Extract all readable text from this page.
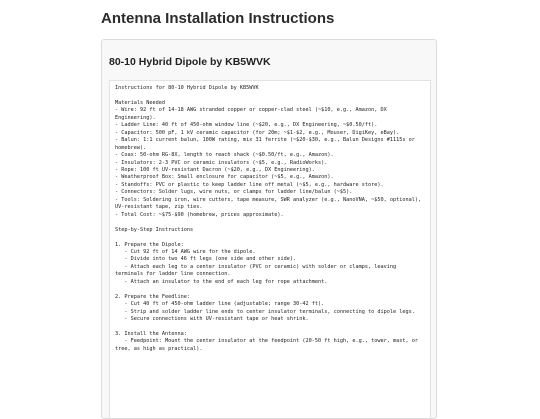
Antenna Installation Instructions
80-10 Hybrid Dipole by KB5WVK
Instructions for 80-10 Hybrid Dipole by KB5WVK

Materials Needed
- Wire: 92 ft of 14-18 AWG stranded copper or copper-clad steel (~$10, e.g., Amazon, DX Engineering).
- Ladder Line: 40 ft of 450-ohm window line (~$20, e.g., DX Engineering, ~$0.50/ft).
- Capacitor: 500 pF, 1 kV ceramic capacitor (for 20m; ~$1-$2, e.g., Mouser, DigiKey, eBay).
- Balun: 1:1 current balun, 100W rating, mix 31 ferrite (~$20-$30, e.g., Balun Designs #1115s or homebrew).
- Coax: 50-ohm RG-8X, length to reach shack (~$0.50/ft, e.g., Amazon).
- Insulators: 2-3 PVC or ceramic insulators (~$5, e.g., RadioWorks).
- Rope: 100 ft UV-resistant Dacron (~$20, e.g., DX Engineering).
- Weatherproof Box: Small enclosure for capacitor (~$5, e.g., Amazon).
- Standoffs: PVC or plastic to keep ladder line off metal (~$5, e.g., hardware store).
- Connectors: Solder lugs, wire nuts, or clamps for ladder line/balun (~$5).
- Tools: Soldering iron, wire cutters, tape measure, SWR analyzer (e.g., NanoVNA, ~$50, optional), UV-resistant tape, zip ties.
- Total Cost: ~$75-$90 (homebrew, prices approximate).

Step-by-Step Instructions

1. Prepare the Dipole:
- Cut 92 ft of 14 AWG wire for the dipole.
- Divide into two 46 ft legs (one side and other side).
- Attach each leg to a center insulator (PVC or ceramic) with solder or clamps, leaving terminals for ladder line connection.
- Attach an insulator to the end of each leg for rope attachment.

2. Prepare the Feedline:
- Cut 40 ft of 450-ohm ladder line (adjustable; range 30-42 ft).
- Strip and solder ladder line ends to center insulator terminals, connecting to dipole legs.
- Secure connections with UV-resistant tape or heat shrink.

3. Install the Antenna:
- Feedpoint: Mount the center insulator at the feedpoint (20-50 ft high, e.g., tower, mast, or tree, as high as practical).
